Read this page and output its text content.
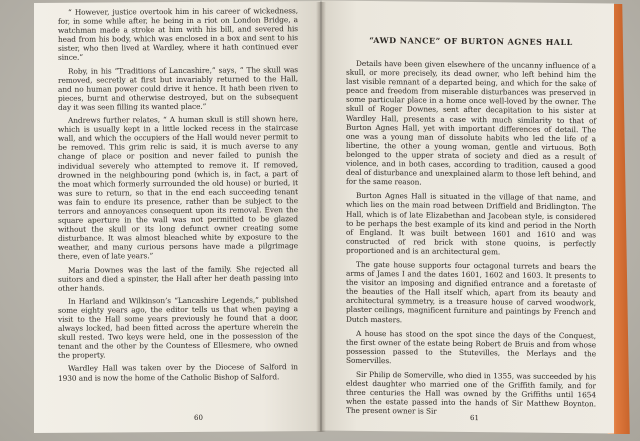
“ However, justice overtook him in his career of wickedness, for, in some while after, he being in a riot on London Bridge, a watchman made a stroke at him with his bill, and severed his head from his body, which was enclosed in a box and sent to his sister, who then lived at Wardley, where it hath continued ever since.”

Roby, in his “Traditions of Lancashire,” says, “ The skull was removed, secretly at first but invariably returned to the Hall, and no human power could drive it hence. It hath been riven to pieces, burnt and otherwise destroyed, but on the subsequent day it was seen filling its wanted place.”

Andrews further relates, “ A human skull is still shown here, which is usually kept in a little locked recess in the staircase wall, and which the occupiers of the Hall would never permit to be removed. This grim relic is said, it is much averse to any change of place or position and never failed to punish the individual severely who attempted to remove it. If removed, drowned in the neighbouring pond (which is, in fact, a part of the moat which formerly surrounded the old house) or buried, it was sure to return, so that in the end each succeeding tenant was fain to endure its presence, rather than be subject to the terrors and annoyances consequent upon its removal. Even the square aperture in the wall was not permitted to be glazed without the skull or its long defunct owner creating some disturbance. It was almost bleached white by exposure to the weather, and many curious persons have made a pilgrimage there, even of late years.”

Maria Downes was the last of the family. She rejected all suitors and died a spinster, the Hall after her death passing into other hands.

In Harland and Wilkinson’s “Lancashire Legends,” published some eighty years ago, the editor tells us that when paying a visit to the Hall some years previously he found that a door, always locked, had been fitted across the aperture wherein the skull rested. Two keys were held, one in the possession of the tenant and the other by the Countess of Ellesmere, who owned the property.

Wardley Hall was taken over by the Diocese of Salford in 1930 and is now the home of the Catholic Bishop of Salford.

60
“AWD NANCE” OF BURTON AGNES HALL

Details have been given elsewhere of the uncanny influence of a skull, or more precisely, its dead owner, who left behind him the last visible remnant of a departed being, and which for the sake of peace and freedom from miserable disturbances was preserved in some particular place in a home once well-loved by the owner. The skull of Roger Downes, sent after decapitation to his sister at Wardley Hall, presents a case with much similarity to that of Burton Agnes Hall, yet with important differences of detail. The one was a young man of dissolute habits who led the life of a libertine, the other a young woman, gentle and virtuous. Both belonged to the upper strata of society and died as a result of violence, and in both cases, according to tradition, caused a good deal of disturbance and unexplained alarm to those left behind, and for the same reason.

Burton Agnes Hall is situated in the village of that name, and which lies on the main road between Driffield and Bridlington. The Hall, which is of late Elizabethan and Jacobean style, is considered to be perhaps the best example of its kind and period in the North of England. It was built between 1601 and 1610 and was constructed of red brick with stone quoins, is perfectly proportioned and is an architectural gem.

The gate house supports four octagonal turrets and bears the arms of James I and the dates 1601, 1602 and 1603. It presents to the visitor an imposing and dignified entrance and a foretaste of the beauties of the Hall itself which, apart from its beauty and architectural symmetry, is a treasure house of carved woodwork, plaster ceilings, magnificent furniture and paintings by French and Dutch masters.

A house has stood on the spot since the days of the Conquest, the first owner of the estate being Robert de Bruis and from whose possession passed to the Stutevilles, the Merlays and the Somervilles.

Sir Philip de Somerville, who died in 1355, was succeeded by his eldest daughter who married one of the Griffith family, and for three centuries the Hall was owned by the Griffiths until 1654 when the estate passed into the hands of Sir Matthew Boynton. The present owner is Sir

61
